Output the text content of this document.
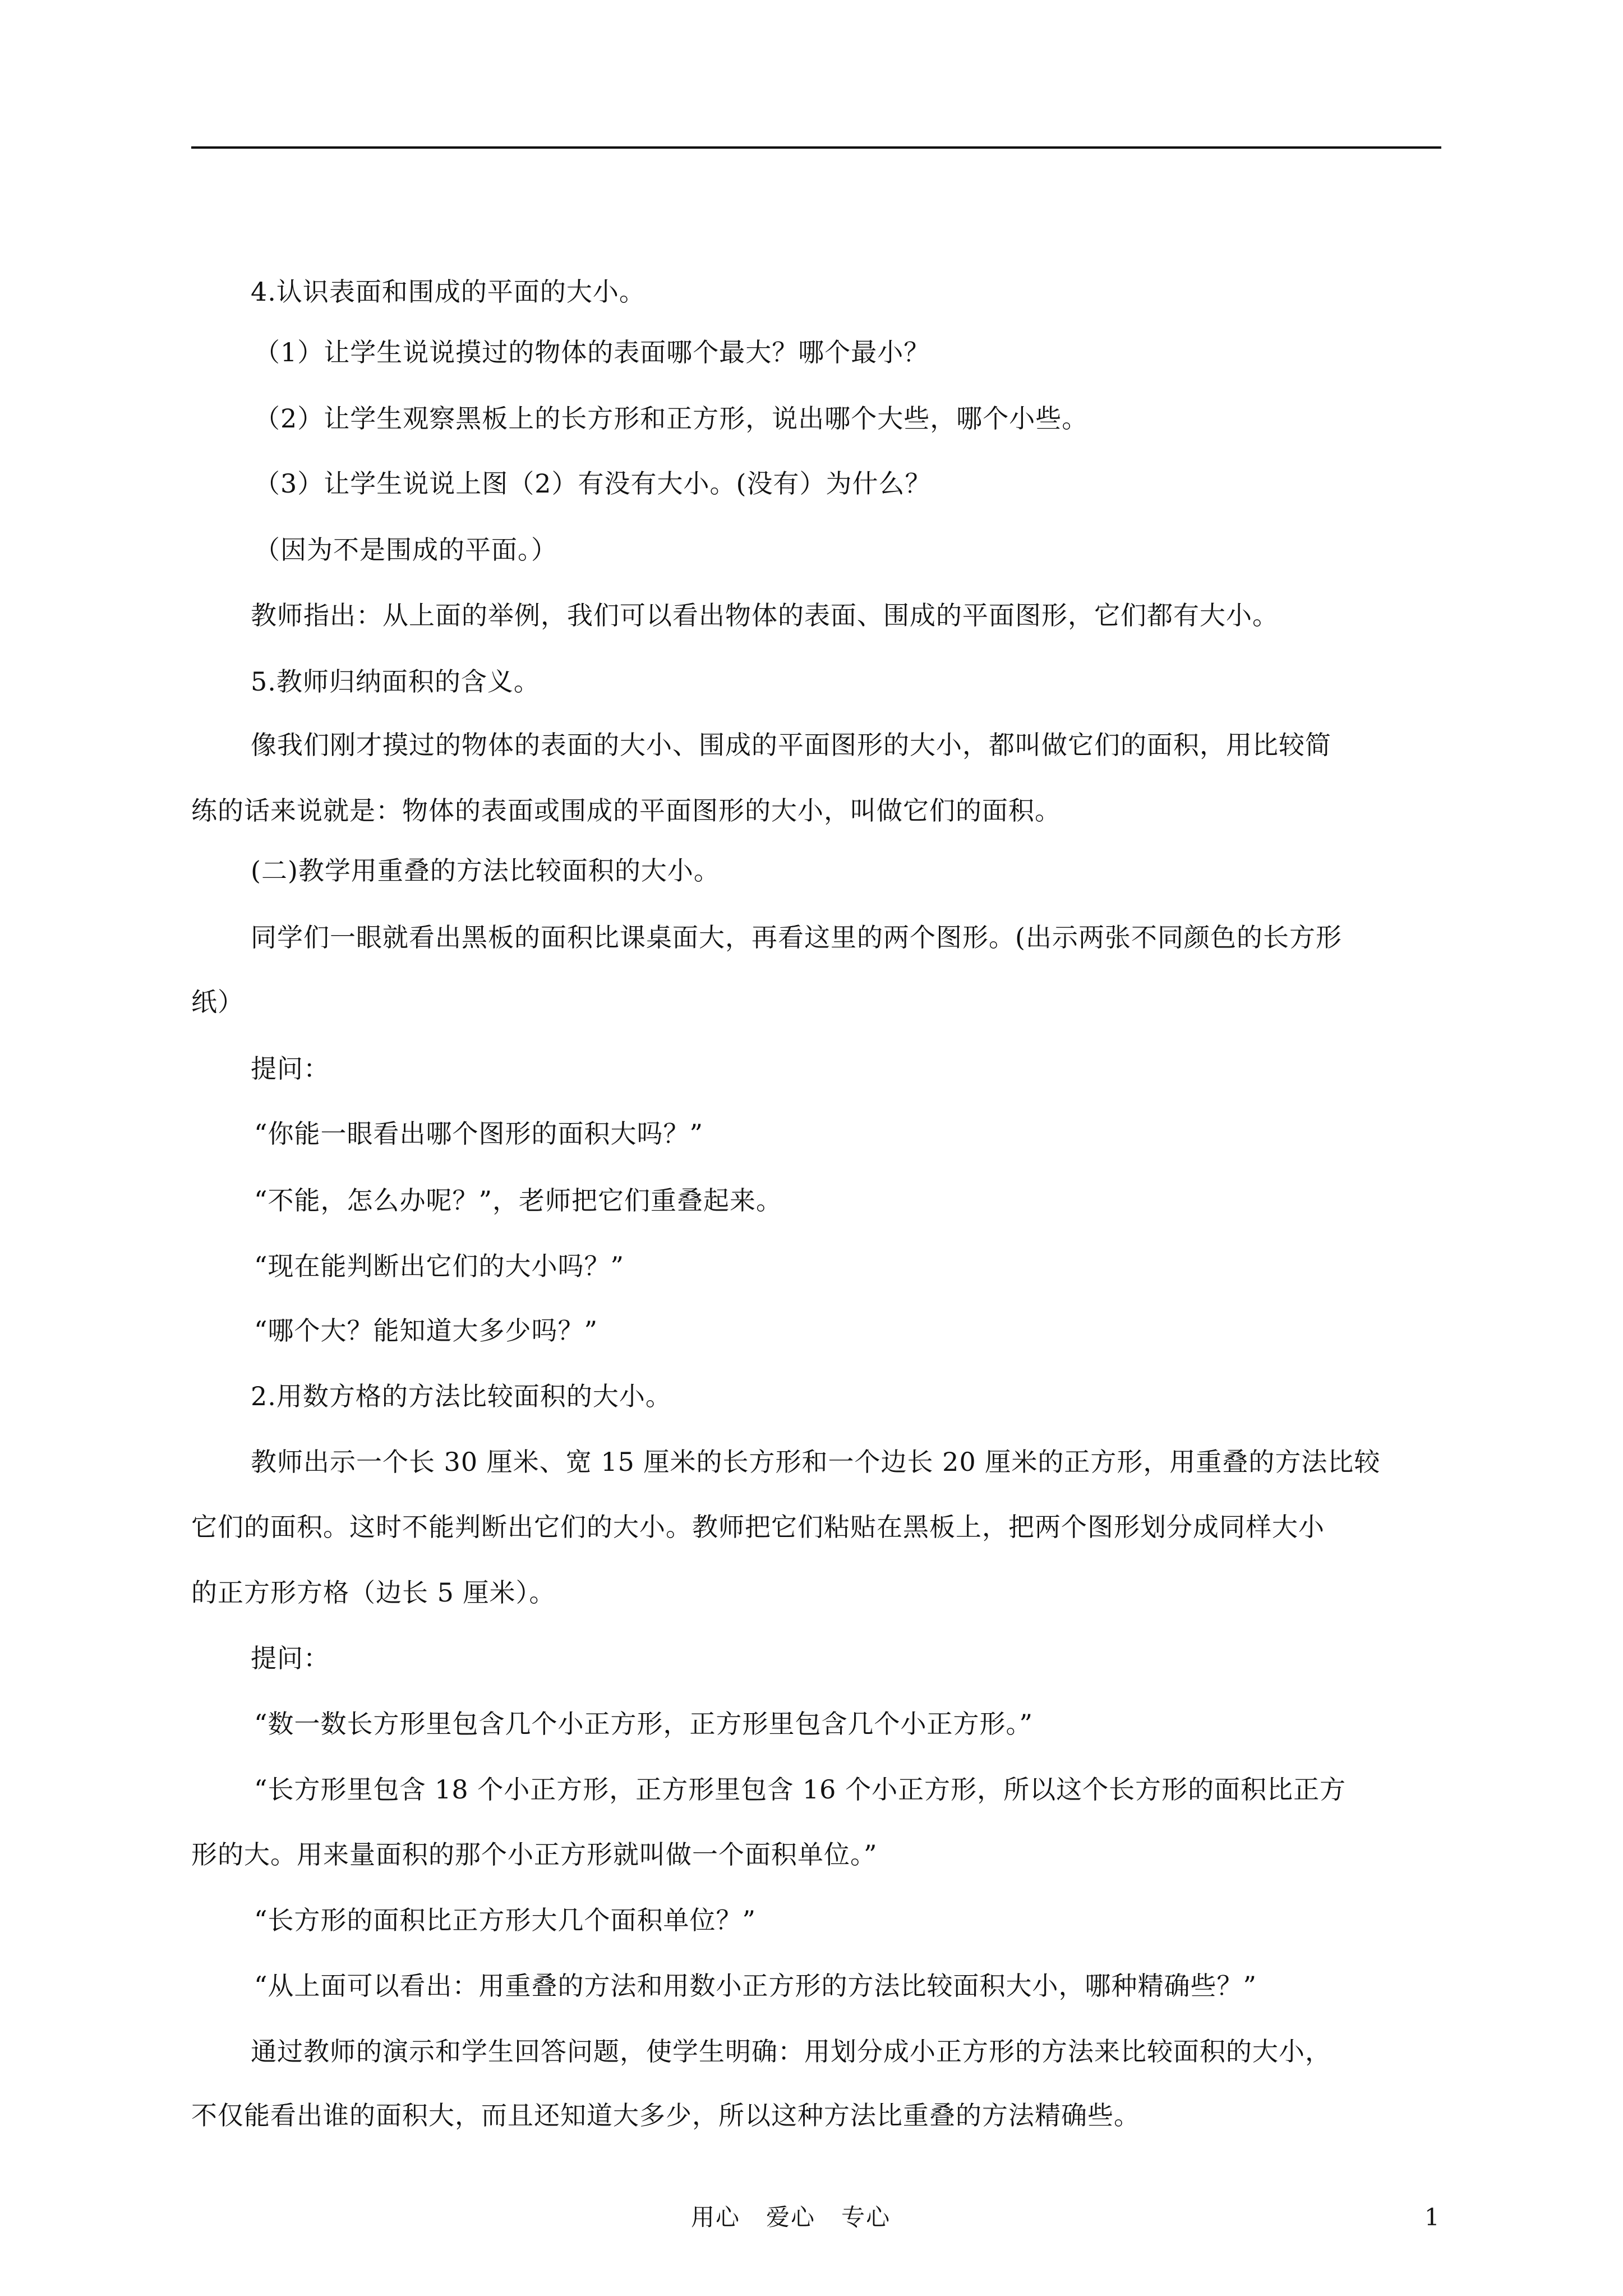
4.认识表面和围成的平面的大小。
（1）让学生说说摸过的物体的表面哪个最大？哪个最小？
（2）让学生观察黑板上的长方形和正方形，说出哪个大些，哪个小些。
（3）让学生说说上图（2）有没有大小。(没有）为什么？
（因为不是围成的平面。）
教师指出：从上面的举例，我们可以看出物体的表面、围成的平面图形，它们都有大小。
5.教师归纳面积的含义。
像我们刚才摸过的物体的表面的大小、围成的平面图形的大小，都叫做它们的面积，用比较简
练的话来说就是：物体的表面或围成的平面图形的大小，叫做它们的面积。
(二)教学用重叠的方法比较面积的大小。
同学们一眼就看出黑板的面积比课桌面大，再看这里的两个图形。(出示两张不同颜色的长方形
纸）
提问：
“你能一眼看出哪个图形的面积大吗？”
“不能，怎么办呢？”，老师把它们重叠起来。
“现在能判断出它们的大小吗？”
“哪个大？能知道大多少吗？”
2.用数方格的方法比较面积的大小。
教师出示一个长 30 厘米、宽 15 厘米的长方形和一个边长 20 厘米的正方形，用重叠的方法比较
它们的面积。这时不能判断出它们的大小。教师把它们粘贴在黑板上，把两个图形划分成同样大小
的正方形方格（边长 5 厘米）。
提问：
“数一数长方形里包含几个小正方形，正方形里包含几个小正方形。”
“长方形里包含 18 个小正方形，正方形里包含 16 个小正方形，所以这个长方形的面积比正方
形的大。用来量面积的那个小正方形就叫做一个面积单位。”
“长方形的面积比正方形大几个面积单位？”
“从上面可以看出：用重叠的方法和用数小正方形的方法比较面积大小，哪种精确些？”
通过教师的演示和学生回答问题，使学生明确：用划分成小正方形的方法来比较面积的大小，
不仅能看出谁的面积大，而且还知道大多少，所以这种方法比重叠的方法精确些。
用心   爱心   专心	1
